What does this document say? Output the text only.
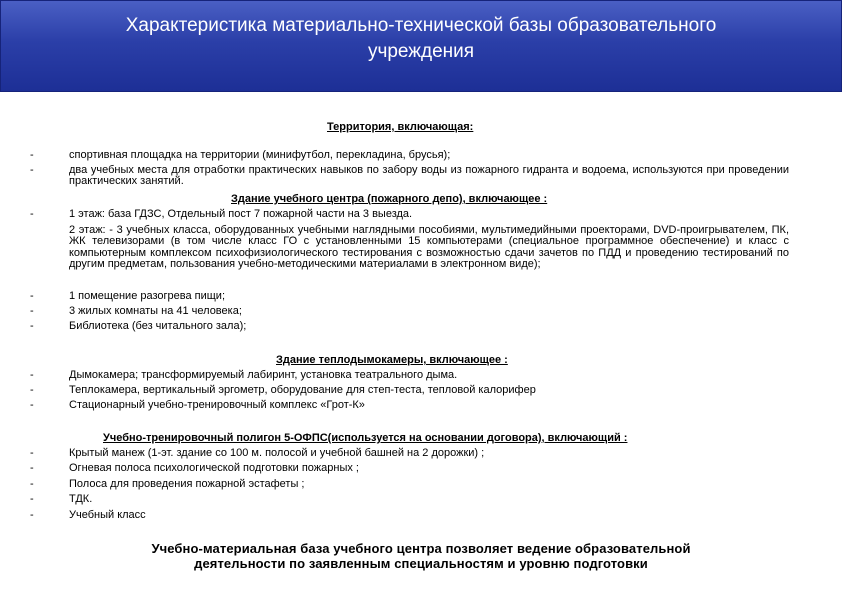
Характеристика материально-технической базы образовательного
учреждения
Территория, включающая:
-	спортивная площадка на территории (минифутбол, перекладина, брусья);
-	два учебных места для отработки практических навыков по забору воды из пожарного гидранта и водоема, используются при проведении практических занятий.
Здание учебного центра (пожарного депо), включающее :
-	1 этаж: база ГДЗС, Отдельный пост 7 пожарной части на 3 выезда.
2 этаж: - 3 учебных класса, оборудованных учебными наглядными пособиями, мультимедийными проекторами, DVD-проигрывателем, ПК, ЖК телевизорами (в том числе класс ГО с установленными 15 компьютерами (специальное программное обеспечение) и класс с компьютерным комплексом психофизиологического тестирования с возможностью сдачи зачетов по ПДД и проведению тестирований по другим предметам, пользования учебно-методическими материалами в электронном виде);
-	1 помещение разогрева пищи;
-	3 жилых комнаты на 41 человека;
-	Библиотека (без читального зала);
Здание теплодымокамеры, включающее :
-	Дымокамера; трансформируемый лабиринт, установка театрального дыма.
-	Теплокамера, вертикальный эргометр, оборудование для степ-теста, тепловой калорифер
-	Стационарный учебно-тренировочный комплекс «Грот-К»
Учебно-тренировочный полигон 5-ОФПС(используется на основании договора), включающий :
-	Крытый манеж (1-эт. здание со 100 м. полосой и учебной башней на 2 дорожки) ;
-	Огневая полоса психологической подготовки пожарных ;
-	Полоса для проведения пожарной эстафеты ;
-	ТДК.
-	Учебный класс
Учебно-материальная база учебного центра позволяет ведение образовательной
деятельности по заявленным специальностям и уровню подготовки
